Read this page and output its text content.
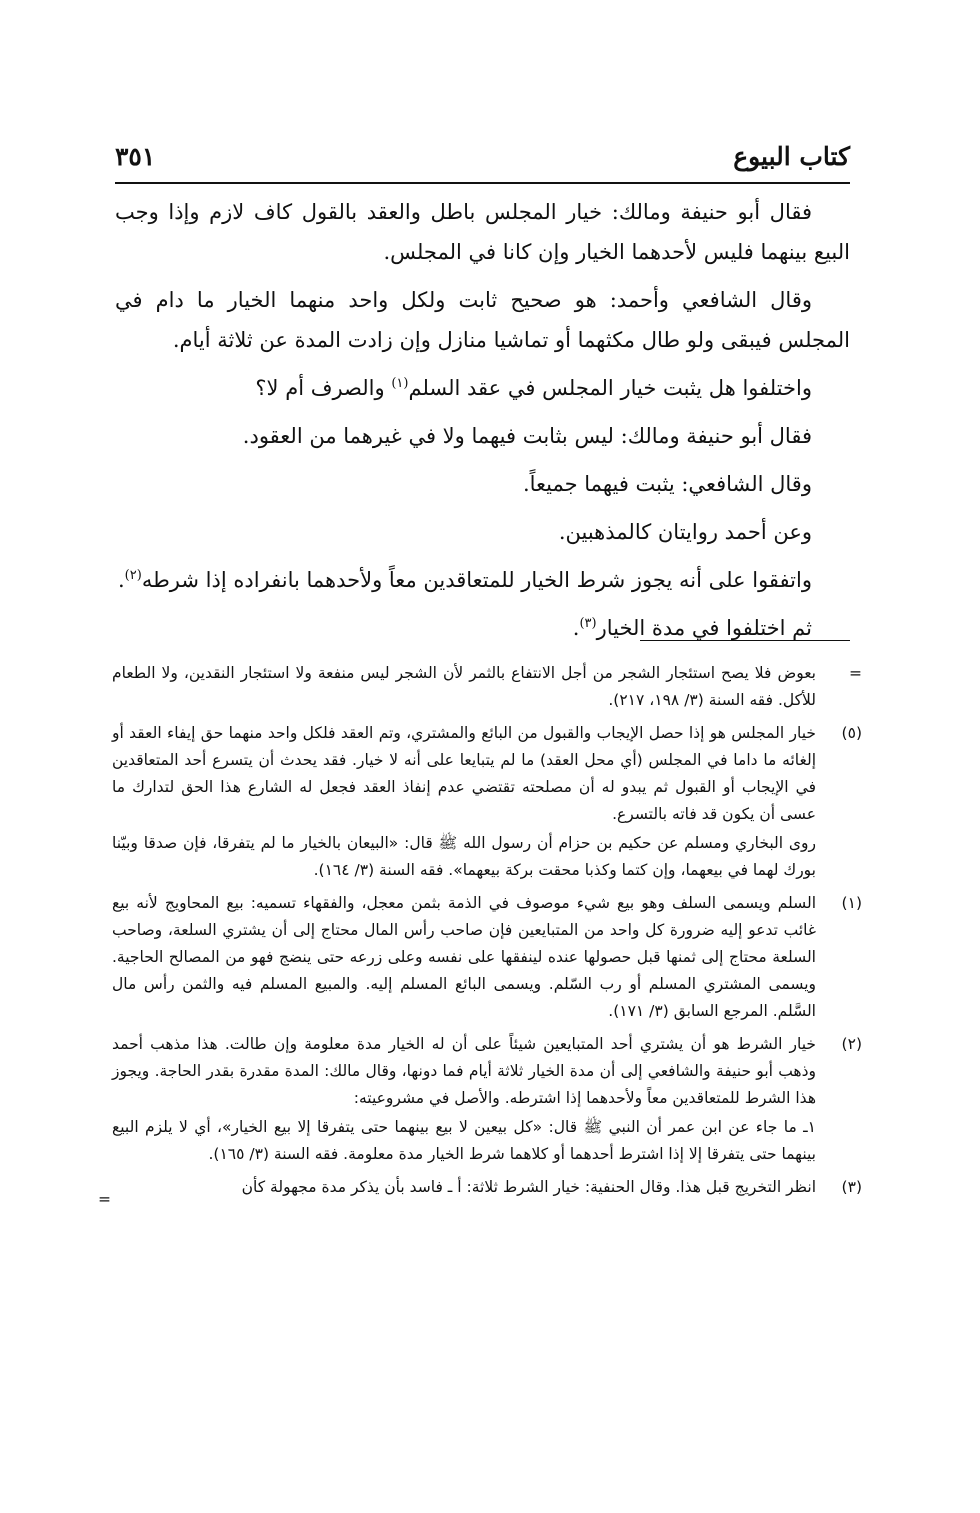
كتاب البيوع
٣٥١

فقال أبو حنيفة ومالك: خيار المجلس باطل والعقد بالقول كاف لازم وإذا وجب البيع بينهما فليس لأحدهما الخيار وإن كانا في المجلس.

وقال الشافعي وأحمد: هو صحيح ثابت ولكل واحد منهما الخيار ما دام في المجلس فيبقى ولو طال مكثهما أو تماشيا منازل وإن زادت المدة عن ثلاثة أيام.

واختلفوا هل يثبت خيار المجلس في عقد السلم$^{(١)}$ والصرف أم لا؟

فقال أبو حنيفة ومالك: ليس بثابت فيهما ولا في غيرهما من العقود.

وقال الشافعي: يثبت فيهما جميعاً.

وعن أحمد روايتان كالمذهبين.

واتفقوا على أنه يجوز شرط الخيار للمتعاقدين معاً ولأحدهما بانفراده إذا شرطه$^{(٢)}$.

ثم اختلفوا في مدة الخيار$^{(٣)}$.

=

بعوض فلا يصح استئجار الشجر من أجل الانتفاع بالثمر لأن الشجر ليس منفعة ولا استئجار النقدين، ولا الطعام للأكل. فقه السنة (٣/ ١٩٨، ٢١٧).

(٥)

خيار المجلس هو إذا حصل الإيجاب والقبول من البائع والمشتري، وتم العقد فلكل واحد منهما حق إيفاء العقد أو إلغائه ما داما في المجلس (أي محل العقد) ما لم يتبايعا على أنه لا خيار. فقد يحدث أن يتسرع أحد المتعاقدين في الإيجاب أو القبول ثم يبدو له أن مصلحته تقتضي عدم إنفاذ العقد فجعل له الشارع هذا الحق لتدارك ما عسى أن يكون قد فاته بالتسرع.

روى البخاري ومسلم عن حكيم بن حزام أن رسول الله ﷺ قال: «البيعان بالخيار ما لم يتفرقا، فإن صدقا وبيّنا بورك لهما في بيعهما، وإن كتما وكذبا محقت بركة بيعهما». فقه السنة (٣/ ١٦٤).

(١)

السلم ويسمى السلف وهو بيع شيء موصوف في الذمة بثمن معجل، والفقهاء تسميه: بيع المحاويج لأنه بيع غائب تدعو إليه ضرورة كل واحد من المتبايعين فإن صاحب رأس المال محتاج إلى أن يشتري السلعة، وصاحب السلعة محتاج إلى ثمنها قبل حصولها عنده لينفقها على نفسه وعلى زرعه حتى ينضج فهو من المصالح الحاجية. ويسمى المشتري المسلم أو رب السّلم. ويسمى البائع المسلم إليه. والمبيع المسلم فيه والثمن رأس مال السَّلم. المرجع السابق (٣/ ١٧١).

(٢)

خيار الشرط هو أن يشتري أحد المتبايعين شيئاً على أن له الخيار مدة معلومة وإن طالت. هذا مذهب أحمد وذهب أبو حنيفة والشافعي إلى أن مدة الخيار ثلاثة أيام فما دونها، وقال مالك: المدة مقدرة بقدر الحاجة. ويجوز هذا الشرط للمتعاقدين معاً ولأحدهما إذا اشترطه. والأصل في مشروعيته:

١ـ ما جاء عن ابن عمر أن النبي ﷺ قال: «كل بيعين لا بيع بينهما حتى يتفرقا إلا بيع الخيار»، أي لا يلزم البيع بينهما حتى يتفرقا إلا إذا اشترط أحدهما أو كلاهما شرط الخيار مدة معلومة. فقه السنة (٣/ ١٦٥).

(٣)

انظر التخريج قبل هذا. وقال الحنفية: خيار الشرط ثلاثة: أ ـ فاسد بأن يذكر مدة مجهولة كأن

=
